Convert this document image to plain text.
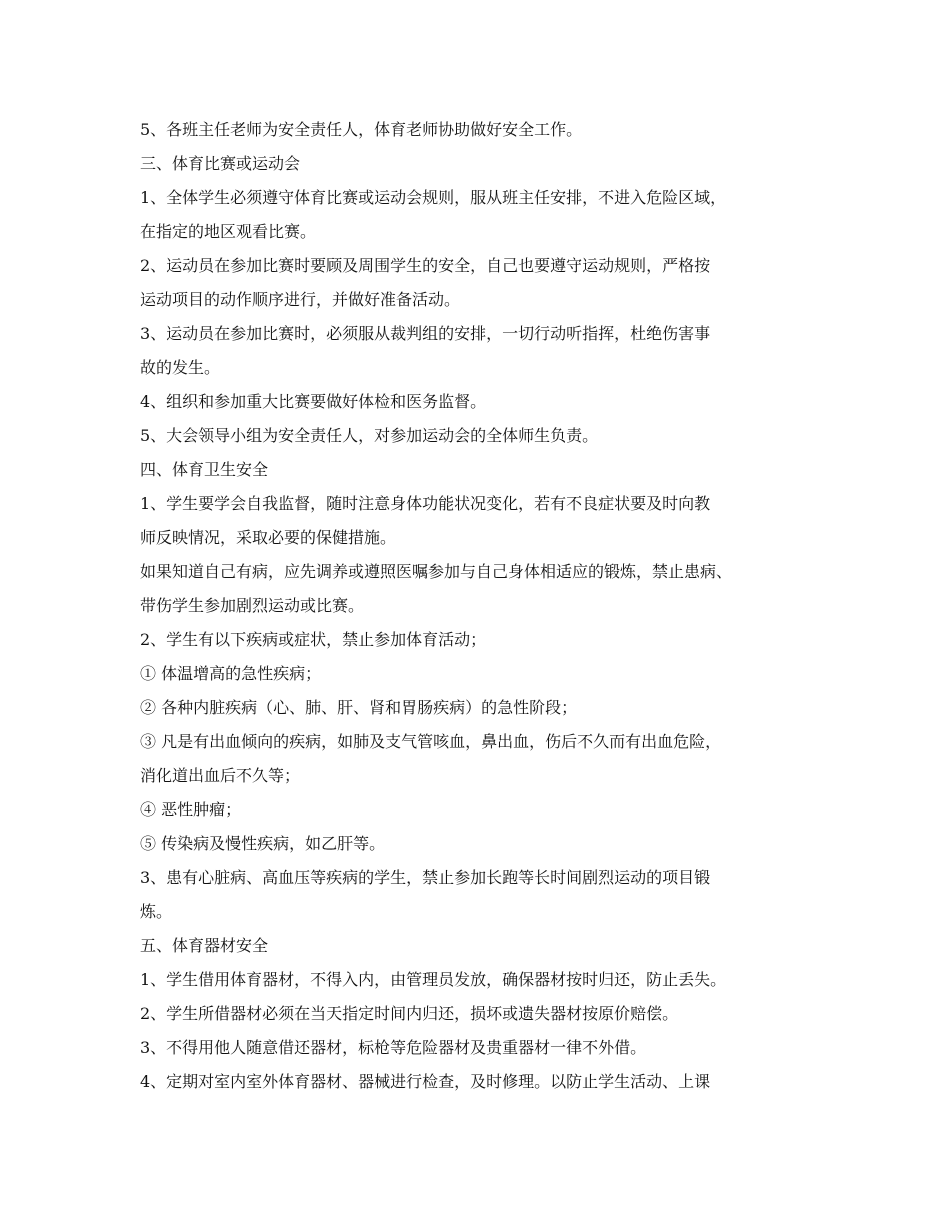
5、各班主任老师为安全责任人，体育老师协助做好安全工作。
三、体育比赛或运动会
1、全体学生必须遵守体育比赛或运动会规则，服从班主任安排，不进入危险区域，
在指定的地区观看比赛。
2、运动员在参加比赛时要顾及周围学生的安全，自己也要遵守运动规则，严格按
运动项目的动作顺序进行，并做好准备活动。
3、运动员在参加比赛时，必须服从裁判组的安排，一切行动听指挥，杜绝伤害事
故的发生。
4、组织和参加重大比赛要做好体检和医务监督。
5、大会领导小组为安全责任人，对参加运动会的全体师生负责。
四、体育卫生安全
1、学生要学会自我监督，随时注意身体功能状况变化，若有不良症状要及时向教
师反映情况，采取必要的保健措施。
如果知道自己有病，应先调养或遵照医嘱参加与自己身体相适应的锻炼，禁止患病、
带伤学生参加剧烈运动或比赛。
2、学生有以下疾病或症状，禁止参加体育活动；
① 体温增高的急性疾病；
② 各种内脏疾病（心、肺、肝、肾和胃肠疾病）的急性阶段；
③ 凡是有出血倾向的疾病，如肺及支气管咳血，鼻出血，伤后不久而有出血危险，
消化道出血后不久等；
④ 恶性肿瘤；
⑤ 传染病及慢性疾病，如乙肝等。
3、患有心脏病、高血压等疾病的学生，禁止参加长跑等长时间剧烈运动的项目锻
炼。
五、体育器材安全
1、学生借用体育器材，不得入内，由管理员发放，确保器材按时归还，防止丢失。
2、学生所借器材必须在当天指定时间内归还，损坏或遗失器材按原价赔偿。
3、不得用他人随意借还器材，标枪等危险器材及贵重器材一律不外借。
4、定期对室内室外体育器材、器械进行检查，及时修理。以防止学生活动、上课
